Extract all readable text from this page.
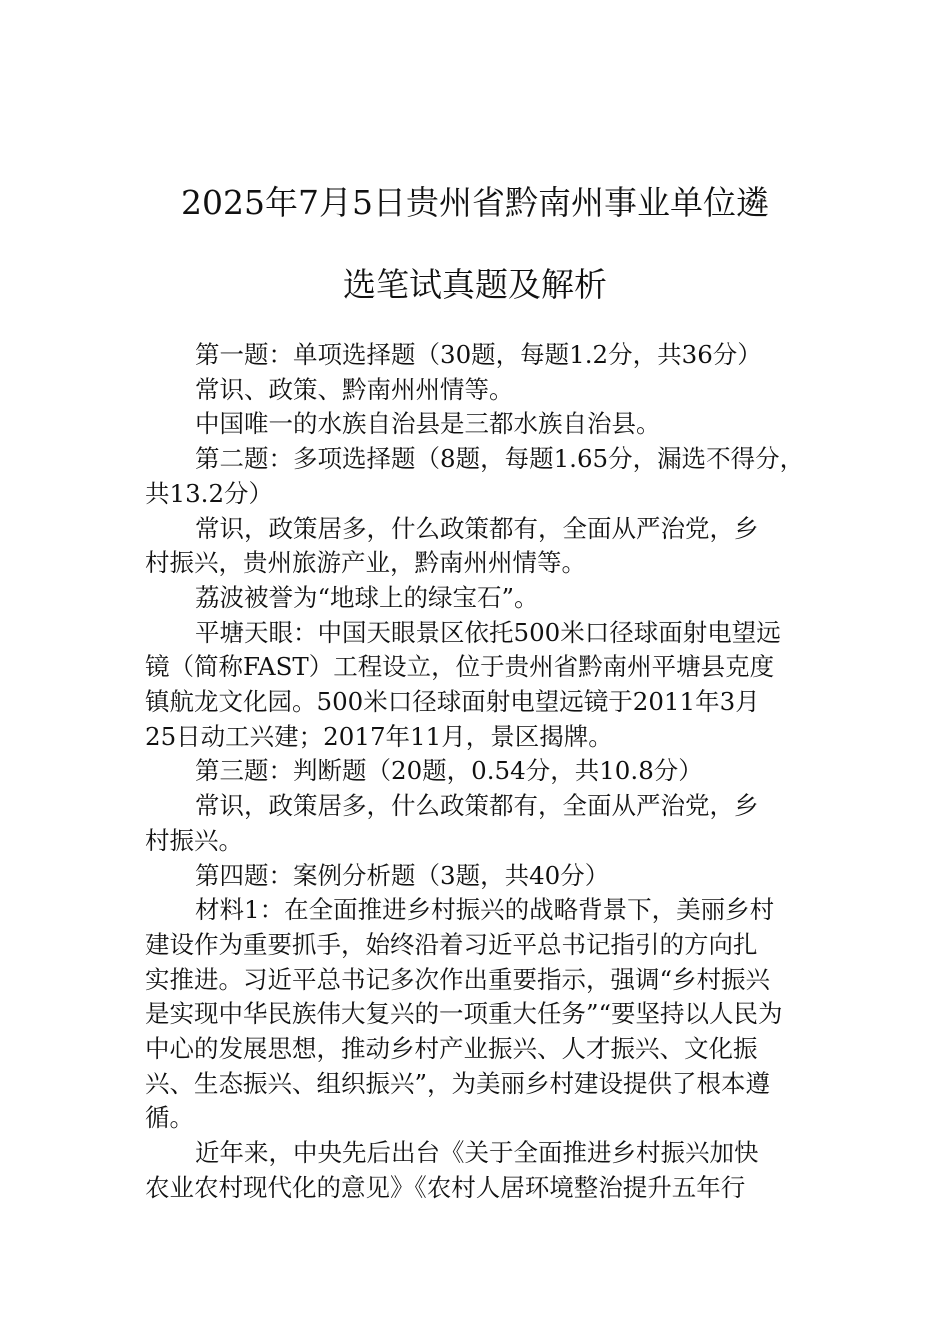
2025年7月5日贵州省黔南州事业单位遴
选笔试真题及解析
第一题：单项选择题（30题，每题1.2分，共36分）
常识、政策、黔南州州情等。
中国唯一的水族自治县是三都水族自治县。
第二题：多项选择题（8题，每题1.65分，漏选不得分，
共13.2分）
常识，政策居多，什么政策都有，全面从严治党，乡
村振兴，贵州旅游产业，黔南州州情等。
荔波被誉为“地球上的绿宝石”。
平塘天眼：中国天眼景区依托500米口径球面射电望远
镜（简称FAST）工程设立，位于贵州省黔南州平塘县克度
镇航龙文化园。500米口径球面射电望远镜于2011年3月
25日动工兴建；2017年11月，景区揭牌。
第三题：判断题（20题，0.54分，共10.8分）
常识，政策居多，什么政策都有，全面从严治党，乡
村振兴。
第四题：案例分析题（3题，共40分）
材料1：在全面推进乡村振兴的战略背景下，美丽乡村
建设作为重要抓手，始终沿着习近平总书记指引的方向扎
实推进。习近平总书记多次作出重要指示，强调“乡村振兴
是实现中华民族伟大复兴的一项重大任务”“要坚持以人民为
中心的发展思想，推动乡村产业振兴、人才振兴、文化振
兴、生态振兴、组织振兴”，为美丽乡村建设提供了根本遵
循。
近年来，中央先后出台《关于全面推进乡村振兴加快
农业农村现代化的意见》《农村人居环境整治提升五年行
